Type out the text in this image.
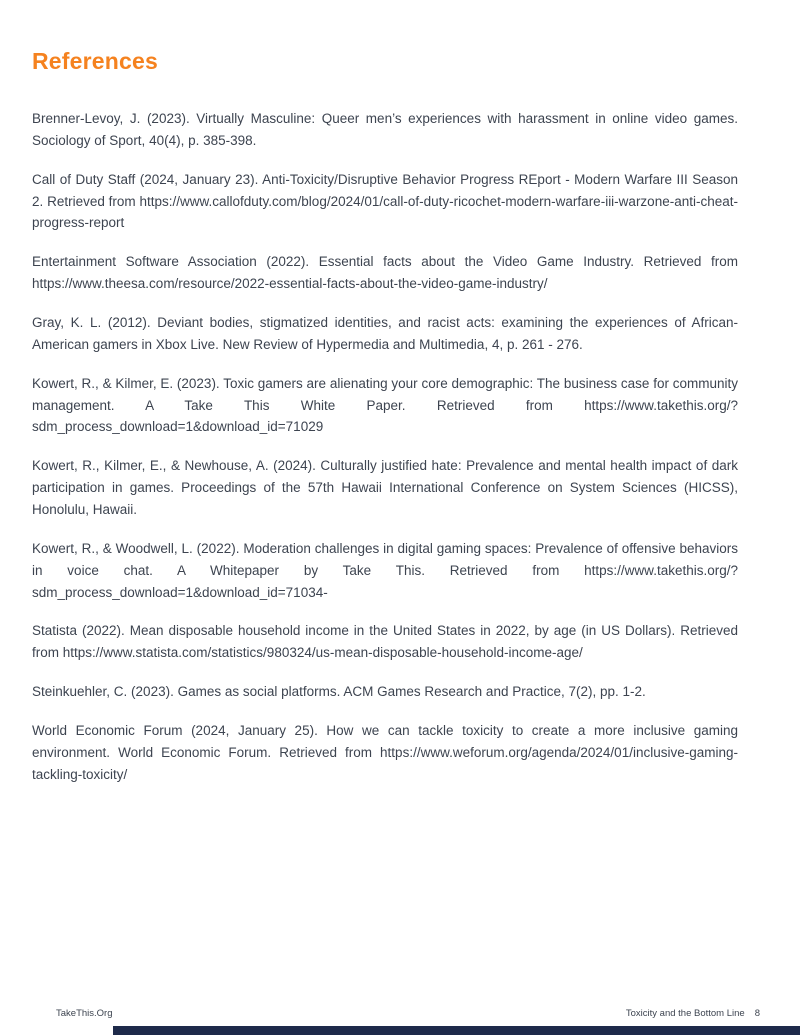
References

Brenner-Levoy, J. (2023). Virtually Masculine: Queer men’s experiences with harassment in online video games. Sociology of Sport, 40(4), p. 385-398.

Call of Duty Staff (2024, January 23). Anti-Toxicity/Disruptive Behavior Progress REport - Modern Warfare III Season 2. Retrieved from https://www.callofduty.com/blog/2024/01/call-of-duty-ricochet-modern-warfare-iii-warzone-anti-cheat-progress-report

Entertainment Software Association (2022). Essential facts about the Video Game Industry. Retrieved from https://www.theesa.com/resource/2022-essential-facts-about-the-video-game-industry/

Gray, K. L. (2012). Deviant bodies, stigmatized identities, and racist acts: examining the experiences of African-American gamers in Xbox Live. New Review of Hypermedia and Multimedia, 4, p. 261 - 276.

Kowert, R., & Kilmer, E. (2023). Toxic gamers are alienating your core demographic: The business case for community management. A Take This White Paper. Retrieved from https://www.takethis.org/?sdm_process_download=1&download_id=71029

Kowert, R., Kilmer, E., & Newhouse, A. (2024). Culturally justified hate: Prevalence and mental health impact of dark participation in games. Proceedings of the 57th Hawaii International Conference on System Sciences (HICSS), Honolulu, Hawaii.

Kowert, R., & Woodwell, L. (2022). Moderation challenges in digital gaming spaces: Prevalence of offensive behaviors in voice chat. A Whitepaper by Take This. Retrieved from https://www.takethis.org/?sdm_process_download=1&download_id=71034-

Statista (2022). Mean disposable household income in the United States in 2022, by age (in US Dollars). Retrieved from https://www.statista.com/statistics/980324/us-mean-disposable-household-income-age/

Steinkuehler, C. (2023). Games as social platforms. ACM Games Research and Practice, 7(2), pp. 1-2.

World Economic Forum (2024, January 25). How we can tackle toxicity to create a more inclusive gaming environment. World Economic Forum. Retrieved from https://www.weforum.org/agenda/2024/01/inclusive-gaming-tackling-toxicity/

TakeThis.Org	Toxicity and the Bottom Line 8
